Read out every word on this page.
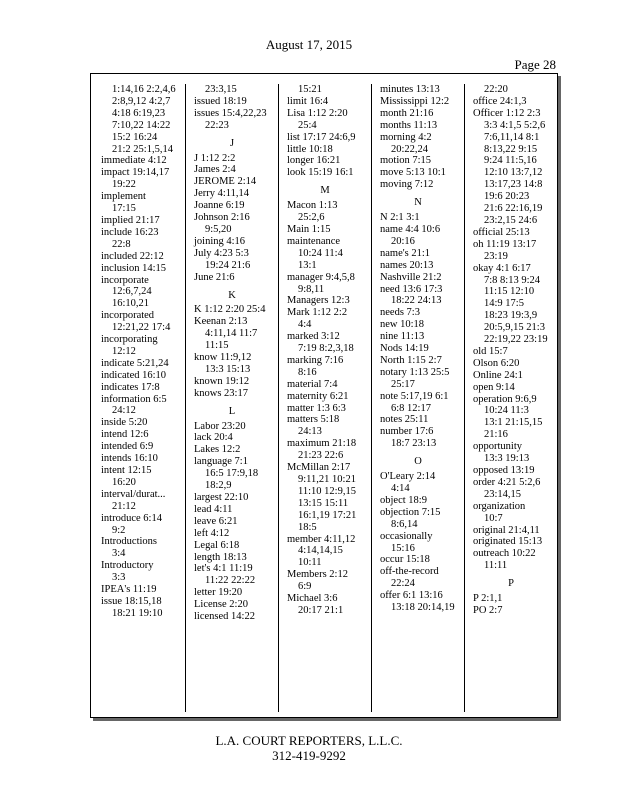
August 17, 2015
Page 28
1:14,16 2:2,4,6
2:8,9,12 4:2,7
4:18 6:19,23
7:10,22 14:22
15:2 16:24
21:2 25:1,5,14
immediate 4:12
impact 19:14,17
19:22
implement
17:15
implied 21:17
include 16:23
22:8
included 22:12
inclusion 14:15
incorporate
12:6,7,24
16:10,21
incorporated
12:21,22 17:4
incorporating
12:12
indicate 5:21,24
indicated 16:10
indicates 17:8
information 6:5
24:12
inside 5:20
intend 12:6
intended 6:9
intends 16:10
intent 12:15
16:20
interval/durat...
21:12
introduce 6:14
9:2
Introductions
3:4
Introductory
3:3
IPEA's 11:19
issue 18:15,18
18:21 19:10
23:3,15
issued 18:19
issues 15:4,22,23
22:23
J
J 1:12 2:2
James 2:4
JEROME 2:14
Jerry 4:11,14
Joanne 6:19
Johnson 2:16
9:5,20
joining 4:16
July 4:23 5:3
19:24 21:6
June 21:6
K
K 1:12 2:20 25:4
Keenan 2:13
4:11,14 11:7
11:15
know 11:9,12
13:3 15:13
known 19:12
knows 23:17
L
Labor 23:20
lack 20:4
Lakes 12:2
language 7:1
16:5 17:9,18
18:2,9
largest 22:10
lead 4:11
leave 6:21
left 4:12
Legal 6:18
length 18:13
let's 4:1 11:19
11:22 22:22
letter 19:20
License 2:20
licensed 14:22
15:21
limit 16:4
Lisa 1:12 2:20
25:4
list 17:17 24:6,9
little 10:18
longer 16:21
look 15:19 16:1
M
Macon 1:13
25:2,6
Main 1:15
maintenance
10:24 11:4
13:1
manager 9:4,5,8
9:8,11
Managers 12:3
Mark 1:12 2:2
4:4
marked 3:12
7:19 8:2,3,18
marking 7:16
8:16
material 7:4
maternity 6:21
matter 1:3 6:3
matters 5:18
24:13
maximum 21:18
21:23 22:6
McMillan 2:17
9:11,21 10:21
11:10 12:9,15
13:15 15:11
16:1,19 17:21
18:5
member 4:11,12
4:14,14,15
10:11
Members 2:12
6:9
Michael 3:6
20:17 21:1
minutes 13:13
Mississippi 12:2
month 21:16
months 11:13
morning 4:2
20:22,24
motion 7:15
move 5:13 10:1
moving 7:12
N
N 2:1 3:1
name 4:4 10:6
20:16
name's 21:1
names 20:13
Nashville 21:2
need 13:6 17:3
18:22 24:13
needs 7:3
new 10:18
nine 11:13
Nods 14:19
North 1:15 2:7
notary 1:13 25:5
25:17
note 5:17,19 6:1
6:8 12:17
notes 25:11
number 17:6
18:7 23:13
O
O'Leary 2:14
4:14
object 18:9
objection 7:15
8:6,14
occasionally
15:16
occur 15:18
off-the-record
22:24
offer 6:1 13:16
13:18 20:14,19
22:20
office 24:1,3
Officer 1:12 2:3
3:3 4:1,5 5:2,6
7:6,11,14 8:1
8:13,22 9:15
9:24 11:5,16
12:10 13:7,12
13:17,23 14:8
19:6 20:23
21:6 22:16,19
23:2,15 24:6
official 25:13
oh 11:19 13:17
23:19
okay 4:1 6:17
7:8 8:13 9:24
11:15 12:10
14:9 17:5
18:23 19:3,9
20:5,9,15 21:3
22:19,22 23:19
old 15:7
Olson 6:20
Online 24:1
open 9:14
operation 9:6,9
10:24 11:3
13:1 21:15,15
21:16
opportunity
13:3 19:13
opposed 13:19
order 4:21 5:2,6
23:14,15
organization
10:7
original 21:4,11
originated 15:13
outreach 10:22
11:11
P
P 2:1,1
PO 2:7
L.A. COURT REPORTERS, L.L.C.
312-419-9292
